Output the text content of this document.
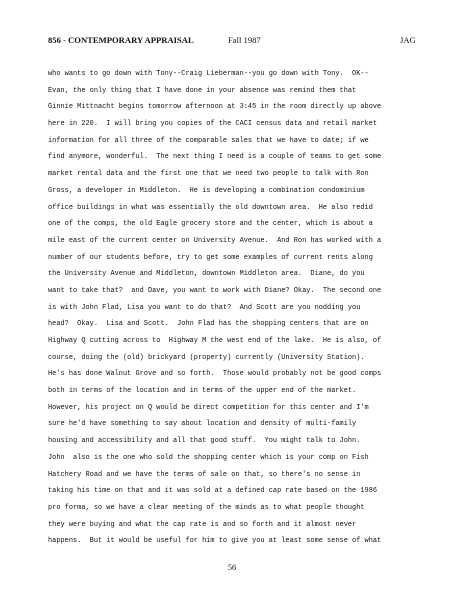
856 - CONTEMPORARY APPRAISAL	Fall 1987	JAG
who wants to go down with Tony--Craig Lieberman--you go down with Tony.  OK--
Evan, the only thing that I have done in your absence was remind them that
Ginnie Mittnacht begins tomorrow afternoon at 3:45 in the room directly up above
here in 220.  I will bring you copies of the CACI census data and retail market
information for all three of the comparable sales that we have to date; if we
find anymore, wonderful.  The next thing I need is a couple of teams to get some
market rental data and the first one that we need two people to talk with Ron
Gross, a developer in Middleton.  He is developing a combination condominium
office buildings in what was essentially the old downtown area.  He also redid
one of the comps, the old Eagle grocery store and the center, which is about a
mile east of the current center on University Avenue.  And Ron has worked with a
number of our students before, try to get some examples of current rents along
the University Avenue and Middleton, downtown Middleton area.  Diane, do you
want to take that?  and Dave, you want to work with Diane? Okay.  The second one
is with John Flad, Lisa you want to do that?  And Scott are you nodding you
head?  Okay.  Lisa and Scott.  John Flad has the shopping centers that are on
Highway Q cutting across to  Highway M the west end of the lake.  He is also, of
course, doing the (old) brickyard (property) currently (University Station).
He's has done Walnut Grove and so forth.  Those would probably not be good comps
both in terms of the location and in terms of the upper end of the market.
However, his project on Q would be direct competition for this center and I'm
sure he'd have something to say about location and density of multi-family
housing and accessibility and all that good stuff.  You might talk to John.
John  also is the one who sold the shopping center which is your comp on Fish
Hatchery Road and we have the terms of sale on that, so there's no sense in
taking his time on that and it was sold at a defined cap rate based on the 1986
pro forma, so we have a clear meeting of the minds as to what people thought
they were buying and what the cap rate is and so forth and it almost never
happens.  But it would be useful for him to give you at least some sense of what
56
